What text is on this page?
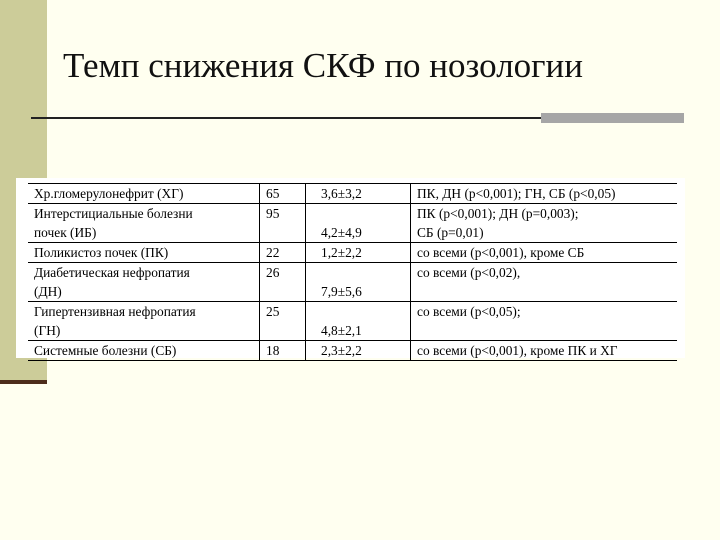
Темп снижения СКФ по нозологии
Хр.гломерулонефрит (ХГ)	65	3,6±3,2	ПК, ДН (р<0,001); ГН, СБ (р<0,05)

Интерстициальные болезни
почек (ИБ)	95	4,2±4,9	ПК (р<0,001); ДН (р=0,003);
СБ (р=0,01)

Поликистоз почек (ПК)	22	1,2±2,2	со всеми (р<0,001), кроме СБ

Диабетическая нефропатия
(ДН)	26	7,9±5,6	со всеми (р<0,02),

Гипертензивная нефропатия
(ГН)	25	4,8±2,1	со всеми (р<0,05);

Системные болезни (СБ)	18	2,3±2,2	со всеми (р<0,001), кроме ПК и ХГ
